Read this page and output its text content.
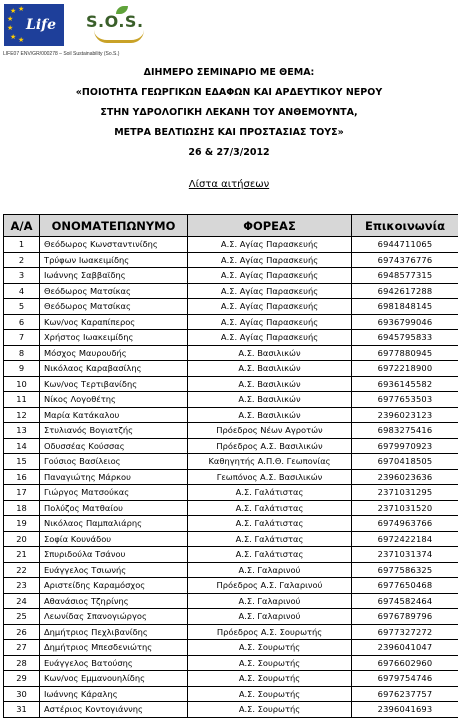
★ ★
★
★
★ ★
Life S.O.S.
LIFE07 ENV/GR/000278 – Soil Sustainability (So.S.)
ΔΙΗΜΕΡΟ ΣΕΜΙΝΑΡΙΟ ΜΕ ΘΕΜΑ:
«ΠΟΙΟΤΗΤΑ ΓΕΩΡΓΙΚΩΝ ΕΔΑΦΩΝ ΚΑΙ ΑΡΔΕΥΤΙΚΟΥ ΝΕΡΟΥ
ΣΤΗΝ ΥΔΡΟΛΟΓΙΚΗ ΛΕΚΑΝΗ ΤΟΥ ΑΝΘΕΜΟΥΝΤΑ,
ΜΕΤΡΑ ΒΕΛΤΙΩΣΗΣ ΚΑΙ ΠΡΟΣΤΑΣΙΑΣ ΤΟΥΣ»
26 & 27/3/2012
Λίστα αιτήσεων
Α/Α	ΟΝΟΜΑΤΕΠΩΝΥΜΟ	ΦΟΡΕΑΣ	Επικοινωνία
1	Θεόδωρος Κωνσταντινίδης	Α.Σ. Αγίας Παρασκευής	6944711065
2	Τρύφων Ιωακειμίδης	Α.Σ. Αγίας Παρασκευής	6974376776
3	Ιωάννης Σαββαϊδης	Α.Σ. Αγίας Παρασκευής	6948577315
4	Θεόδωρος Ματσίκας	Α.Σ. Αγίας Παρασκευής	6942617288
5	Θεόδωρος Ματσίκας	Α.Σ. Αγίας Παρασκευής	6981848145
6	Κων/νος Καραπίπερος	Α.Σ. Αγίας Παρασκευής	6936799046
7	Χρήστος Ιωακειμίδης	Α.Σ. Αγίας Παρασκευής	6945795833
8	Μόσχος Μαυρουδής	Α.Σ. Βασιλικών	6977880945
9	Νικόλαος Καραβασίλης	Α.Σ. Βασιλικών	6972218900
10	Κων/νος Τερτιβανίδης	Α.Σ. Βασιλικών	6936145582
11	Νίκος Λογοθέτης	Α.Σ. Βασιλικών	6977653503
12	Μαρία Κατάκαλου	Α.Σ. Βασιλικών	2396023123
13	Στυλιανός Βογιατζής	Πρόεδρος Νέων Αγροτών	6983275416
14	Οδυσσέας Κούσσας	Πρόεδρος Α.Σ. Βασιλικών	6979970923
15	Γούσιος Βασίλειος	Καθηγητής Α.Π.Θ. Γεωπονίας	6970418505
16	Παναγιώτης Μάρκου	Γεωπόνος Α.Σ. Βασιλικών	2396023636
17	Γιώργος Ματσούκας	Α.Σ. Γαλάτιστας	2371031295
18	Πολύζος Ματθαίου	Α.Σ. Γαλάτιστας	2371031520
19	Νικόλαος Παμπαλιάρης	Α.Σ. Γαλάτιστας	6974963766
20	Σοφία Κουνάδου	Α.Σ. Γαλάτιστας	6972422184
21	Σπυριδούλα Τσάνου	Α.Σ. Γαλάτιστας	2371031374
22	Ευάγγελος Τσιωνής	Α.Σ. Γαλαρινού	6977586325
23	Αριστείδης Καραμόσχος	Πρόεδρος Α.Σ. Γαλαρινού	6977650468
24	Αθανάσιος Τζηρίνης	Α.Σ. Γαλαρινού	6974582464
25	Λεωνίδας Σπανογιώργος	Α.Σ. Γαλαρινού	6976789796
26	Δημήτριος Πεχλιβανίδης	Πρόεδρος Α.Σ. Σουρωτής	6977327272
27	Δημήτριος Μπεσδενιώτης	Α.Σ. Σουρωτής	2396041047
28	Ευάγγελος Βατούσης	Α.Σ. Σουρωτής	6976602960
29	Κων/νος Εμμανουηλίδης	Α.Σ. Σουρωτής	6979754746
30	Ιωάννης Κάραλης	Α.Σ. Σουρωτής	6976237757
31	Αστέριος Κοντογιάννης	Α.Σ. Σουρωτής	2396041693
